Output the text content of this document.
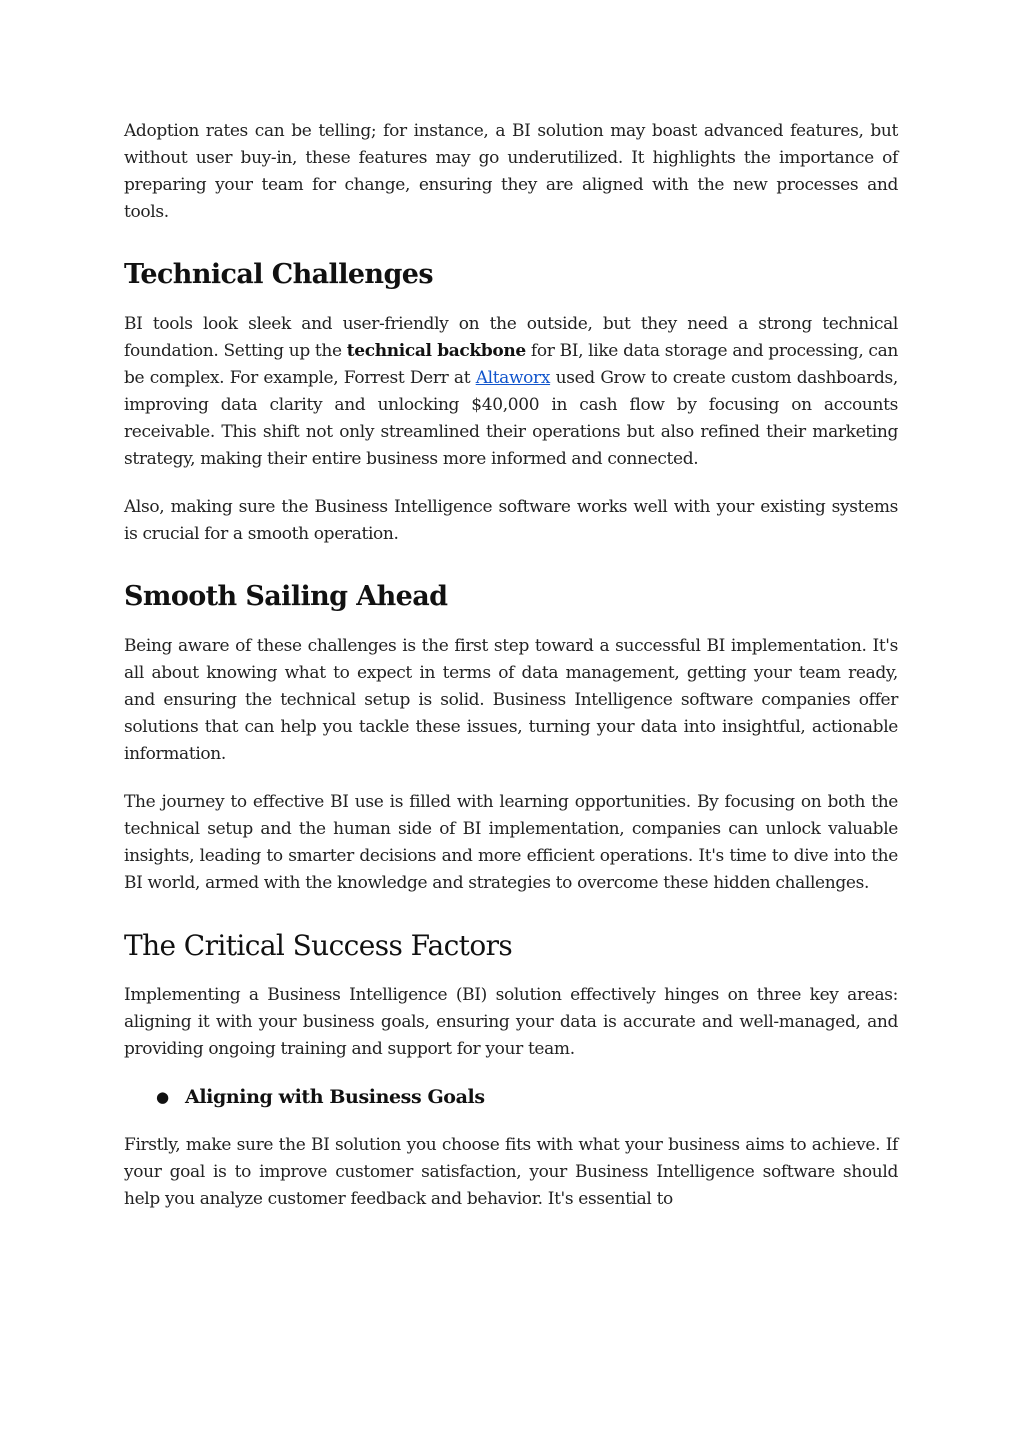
Adoption rates can be telling; for instance, a BI solution may boast advanced features, but without user buy-in, these features may go underutilized. It highlights the importance of preparing your team for change, ensuring they are aligned with the new processes and tools.

Technical Challenges

BI tools look sleek and user-friendly on the outside, but they need a strong technical foundation. Setting up the technical backbone for BI, like data storage and processing, can be complex. For example, Forrest Derr at Altaworx used Grow to create custom dashboards, improving data clarity and unlocking $40,000 in cash flow by focusing on accounts receivable. This shift not only streamlined their operations but also refined their marketing strategy, making their entire business more informed and connected.

Also, making sure the Business Intelligence software works well with your existing systems is crucial for a smooth operation.

Smooth Sailing Ahead

Being aware of these challenges is the first step toward a successful BI implementation. It's all about knowing what to expect in terms of data management, getting your team ready, and ensuring the technical setup is solid. Business Intelligence software companies offer solutions that can help you tackle these issues, turning your data into insightful, actionable information.

The journey to effective BI use is filled with learning opportunities. By focusing on both the technical setup and the human side of BI implementation, companies can unlock valuable insights, leading to smarter decisions and more efficient operations. It's time to dive into the BI world, armed with the knowledge and strategies to overcome these hidden challenges.

The Critical Success Factors

Implementing a Business Intelligence (BI) solution effectively hinges on three key areas: aligning it with your business goals, ensuring your data is accurate and well-managed, and providing ongoing training and support for your team.

● Aligning with Business Goals

Firstly, make sure the BI solution you choose fits with what your business aims to achieve. If your goal is to improve customer satisfaction, your Business Intelligence software should help you analyze customer feedback and behavior. It's essential to
